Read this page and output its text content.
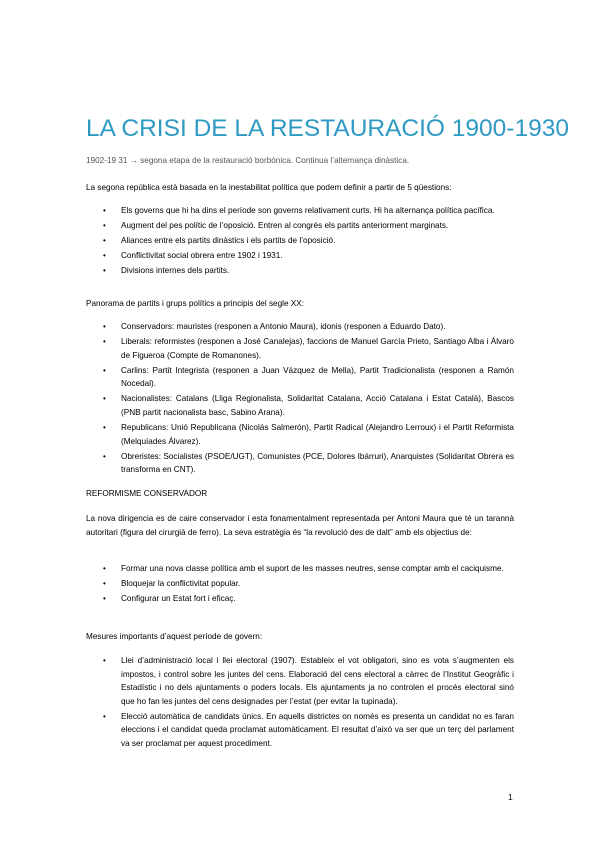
LA CRISI DE LA RESTAURACIÓ 1900-1930
1902-19 31 → segona etapa de la restauració borbònica. Continua l’alternança dinàstica.
La segona república està basada en la inestabilitat política que podem definir a partir de 5 qüestions:
• Els governs que hi ha dins el període son governs relativament curts. Hi ha alternança política pacífica.
• Augment del pes polític de l’oposició. Entren al congrés els partits anteriorment marginats.
• Aliances entre els partits dinàstics i els partits de l’oposició.
• Conflictivitat social obrera entre 1902 i 1931.
• Divisions internes dels partits.
Panorama de partits i grups polítics a principis del segle XX:
• Conservadors: mauristes (responen a Antonio Maura), idonis (responen a Eduardo Dato).
• Liberals: reformistes (responen a José Canalejas), faccions de Manuel García Prieto, Santiago Alba i Álvaro de Figueroa (Compte de Romanones).
• Carlins: Partit Integrista (responen a Juan Vázquez de Mella), Partit Tradicionalista (responen a Ramón Nocedal).
• Nacionalistes: Catalans (Lliga Regionalista, Solidaritat Catalana, Acció Catalana i Estat Català), Bascos (PNB partit nacionalista basc, Sabino Arana).
• Republicans: Unió Republicana (Nicolás Salmerón), Partit Radical (Alejandro Lerroux) i el Partit Reformista (Melquíades Álvarez).
• Obreristes: Socialistes (PSOE/UGT), Comunistes (PCE, Dolores Ibárruri), Anarquistes (Solidaritat Obrera es transforma en CNT).
REFORMISME CONSERVADOR
La nova dirigencia es de caire conservador i esta fonamentalment representada per Antoni Maura que té un tarannà autoritari (figura del cirurgià de ferro). La seva estratègia és “la revolució des de dalt” amb els objectius de:
• Formar una nova classe política amb el suport de les masses neutres, sense comptar amb el caciquisme.
• Bloquejar la conflictivitat popular.
• Configurar un Estat fort i eficaç.
Mesures importants d’aquest període de govern:
• Llei d’administració local i llei electoral (1907). Estableix el vot obligatori, sino es vota s’augmenten els impostos, i control sobre les juntes del cens. Elaboració del cens electoral a càrrec de l’Institut Geogràfic i Estadístic i no dels ajuntaments o poders locals. Els ajuntaments ja no controlen el procés electoral sinó que ho fan les juntes del cens designades per l’estat (per evitar la tupinada).
• Elecció automàtica de candidats únics. En aquells districtes on només es presenta un candidat no es faran eleccions i el candidat queda proclamat automàticament. El resultat d’això va ser que un terç del parlament va ser proclamat per aquest procediment.
1
